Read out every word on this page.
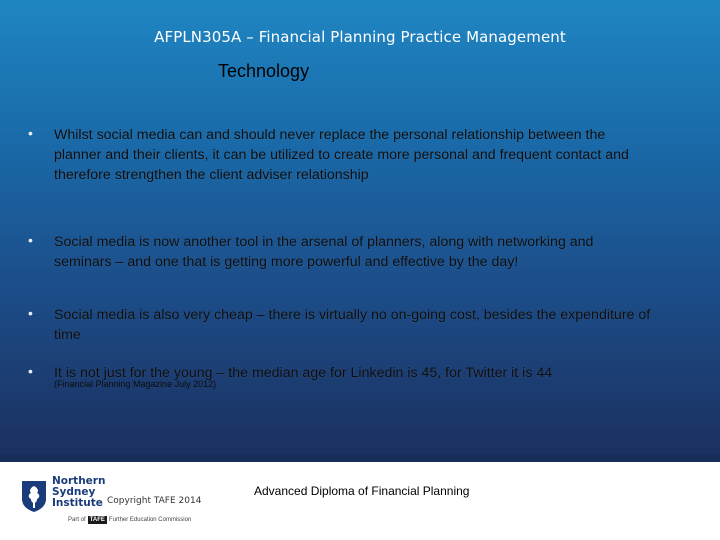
AFPLN305A – Financial Planning Practice Management
Technology
• Whilst social media can and should never replace the personal relationship between the planner and their clients, it can be utilized to create more personal and frequent contact and therefore strengthen the client adviser relationship
• Social media is now another tool in the arsenal of planners, along with networking and seminars – and one that is getting more powerful and effective by the day!
• Social media is also very cheap – there is virtually no on-going cost, besides the expenditure of time
• It is not just for the young – the median age for Linkedin is 45, for Twitter it is 44
(Financial Planning Magazine July 2012)
Northern
Sydney
Institute
Part of TAFE Further Education Commission
Copyright TAFE 2014
Advanced Diploma of Financial Planning
